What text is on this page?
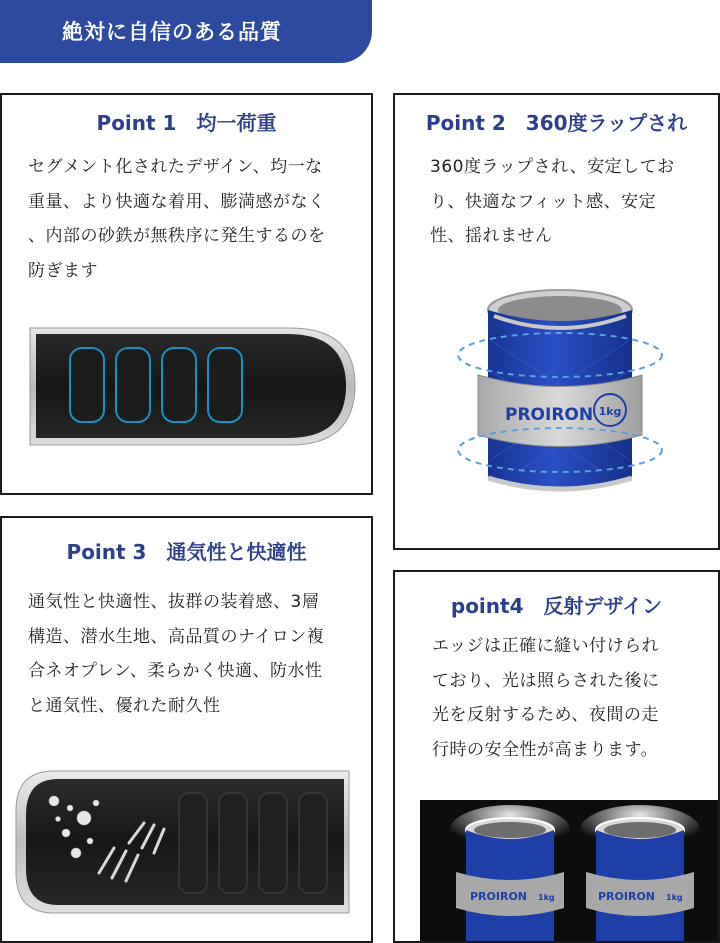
絶対に自信のある品質
Point 1　均一荷重
セグメント化されたデザイン、均一な
重量、より快適な着用、膨満感がなく
、内部の砂鉄が無秩序に発生するのを
防ぎます
Point 2　360度ラップされ
360度ラップされ、安定してお
り、快適なフィット感、安定
性、揺れません
PROIRON 1kg
Point 3　通気性と快適性
通気性と快適性、抜群の装着感、3層
構造、潜水生地、高品質のナイロン複
合ネオプレン、柔らかく快適、防水性
と通気性、優れた耐久性
point4　反射デザイン
エッジは正確に縫い付けられ
ており、光は照らされた後に
光を反射するため、夜間の走
行時の安全性が高まります。
PROIRON 1kg	PROIRON 1kg
